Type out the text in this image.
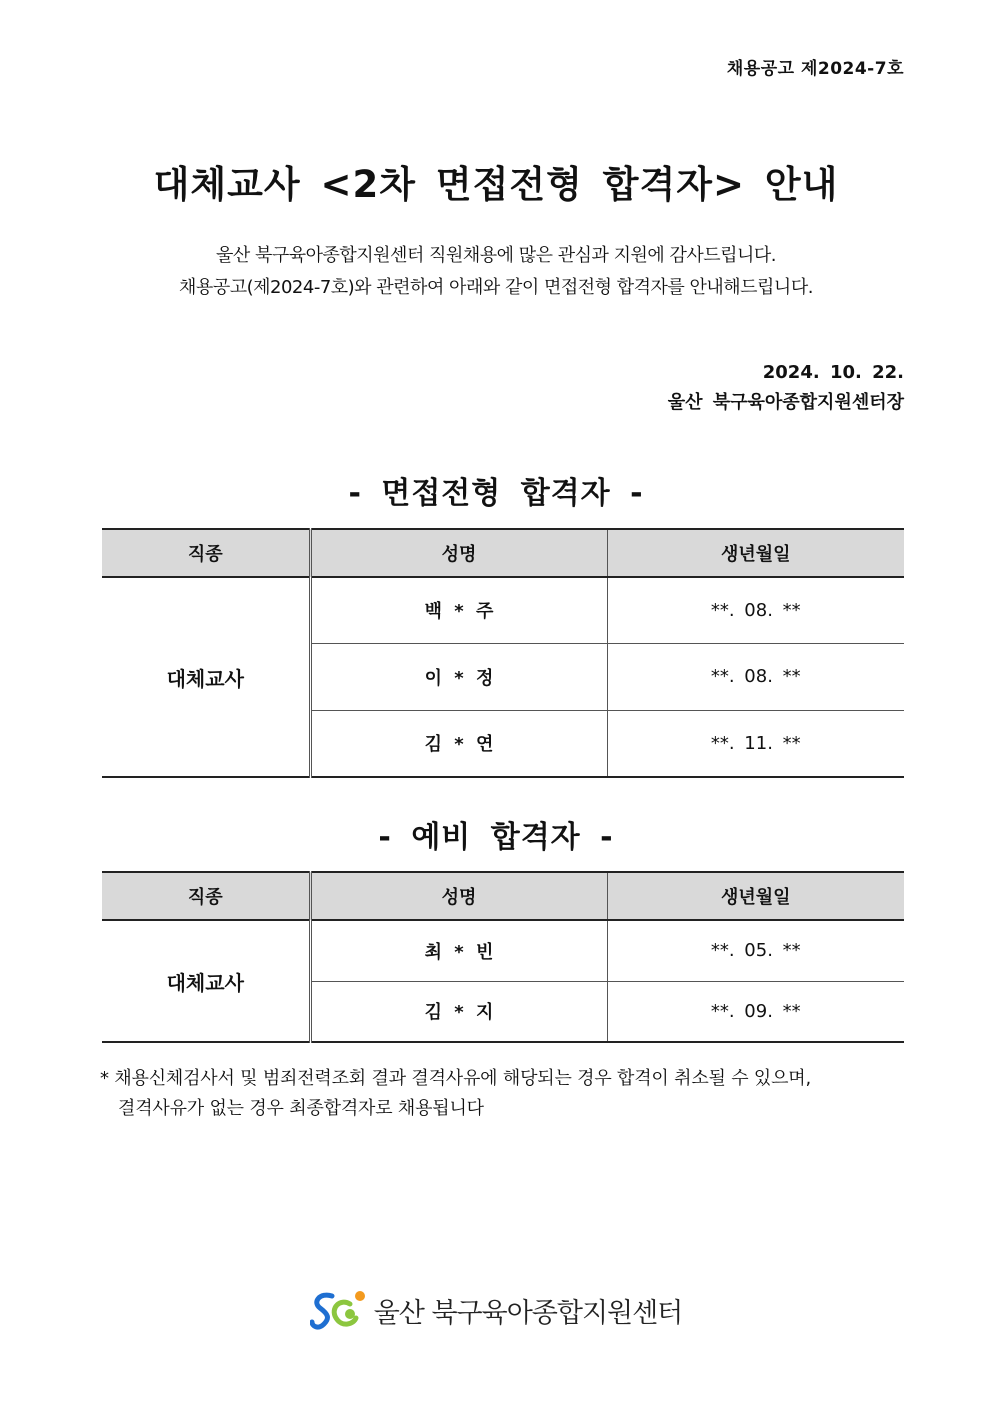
채용공고 제2024-7호
대체교사 <2차 면접전형 합격자> 안내
울산 북구육아종합지원센터 직원채용에 많은 관심과 지원에 감사드립니다.
채용공고(제2024-7호)와 관련하여 아래와 같이 면접전형 합격자를 안내해드립니다.
2024. 10. 22.
울산 북구육아종합지원센터장
- 면접전형 합격자 -
직종	성명	생년월일
대체교사	백 * 주	**. 08. **
	이 * 정	**. 08. **
	김 * 연	**. 11. **
- 예비 합격자 -
직종	성명	생년월일
대체교사	최 * 빈	**. 05. **
	김 * 지	**. 09. **
* 채용신체검사서 및 범죄전력조회 결과 결격사유에 해당되는 경우 합격이 취소될 수 있으며,
결격사유가 없는 경우 최종합격자로 채용됩니다
울산 북구육아종합지원센터
